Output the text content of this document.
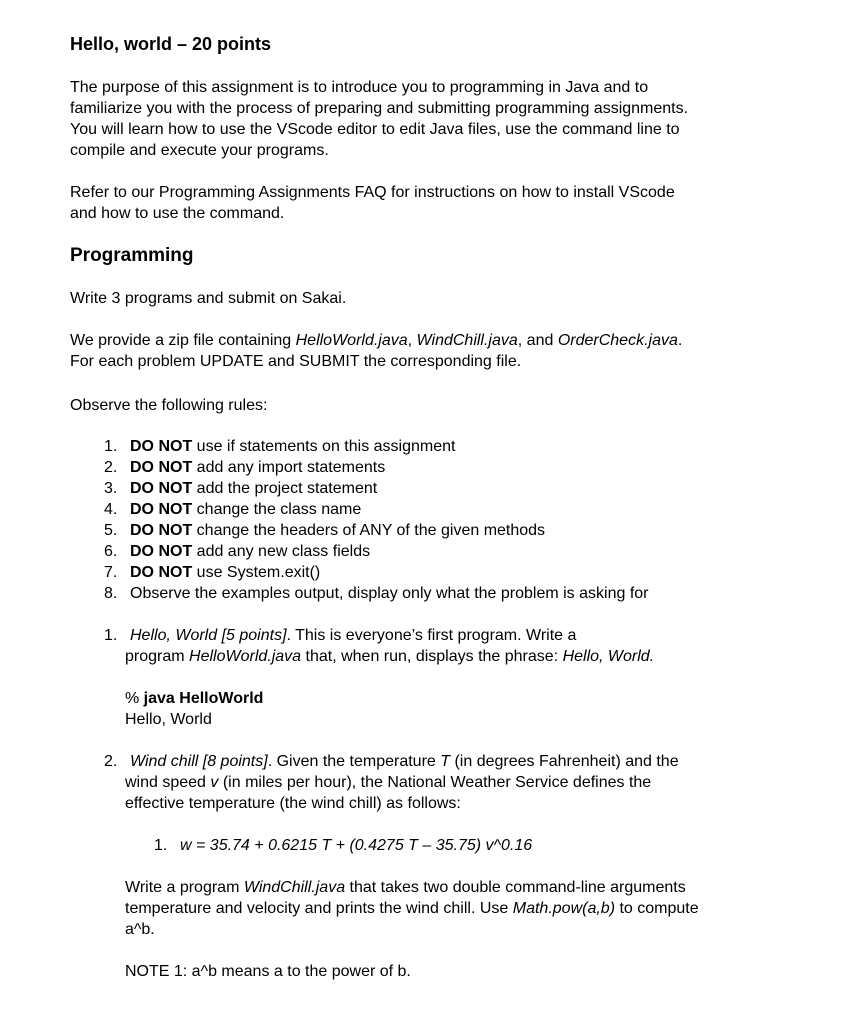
Hello, world – 20 points
The purpose of this assignment is to introduce you to programming in Java and to
familiarize you with the process of preparing and submitting programming assignments.
You will learn how to use the VScode editor to edit Java files, use the command line to
compile and execute your programs.
Refer to our Programming Assignments FAQ for instructions on how to install VScode
and how to use the command.
Programming
Write 3 programs and submit on Sakai.
We provide a zip file containing HelloWorld.java, WindChill.java, and OrderCheck.java.
For each problem UPDATE and SUBMIT the corresponding file.
Observe the following rules:
1. DO NOT use if statements on this assignment
2. DO NOT add any import statements
3. DO NOT add the project statement
4. DO NOT change the class name
5. DO NOT change the headers of ANY of the given methods
6. DO NOT add any new class fields
7. DO NOT use System.exit()
8. Observe the examples output, display only what the problem is asking for
1. Hello, World [5 points]. This is everyone’s first program. Write a
program HelloWorld.java that, when run, displays the phrase: Hello, World.
% java HelloWorld
Hello, World
2. Wind chill [8 points]. Given the temperature T (in degrees Fahrenheit) and the
wind speed v (in miles per hour), the National Weather Service defines the
effective temperature (the wind chill) as follows:
1. w = 35.74 + 0.6215 T + (0.4275 T – 35.75) v^0.16
Write a program WindChill.java that takes two double command-line arguments
temperature and velocity and prints the wind chill. Use Math.pow(a,b) to compute
a^b.
NOTE 1: a^b means a to the power of b.
